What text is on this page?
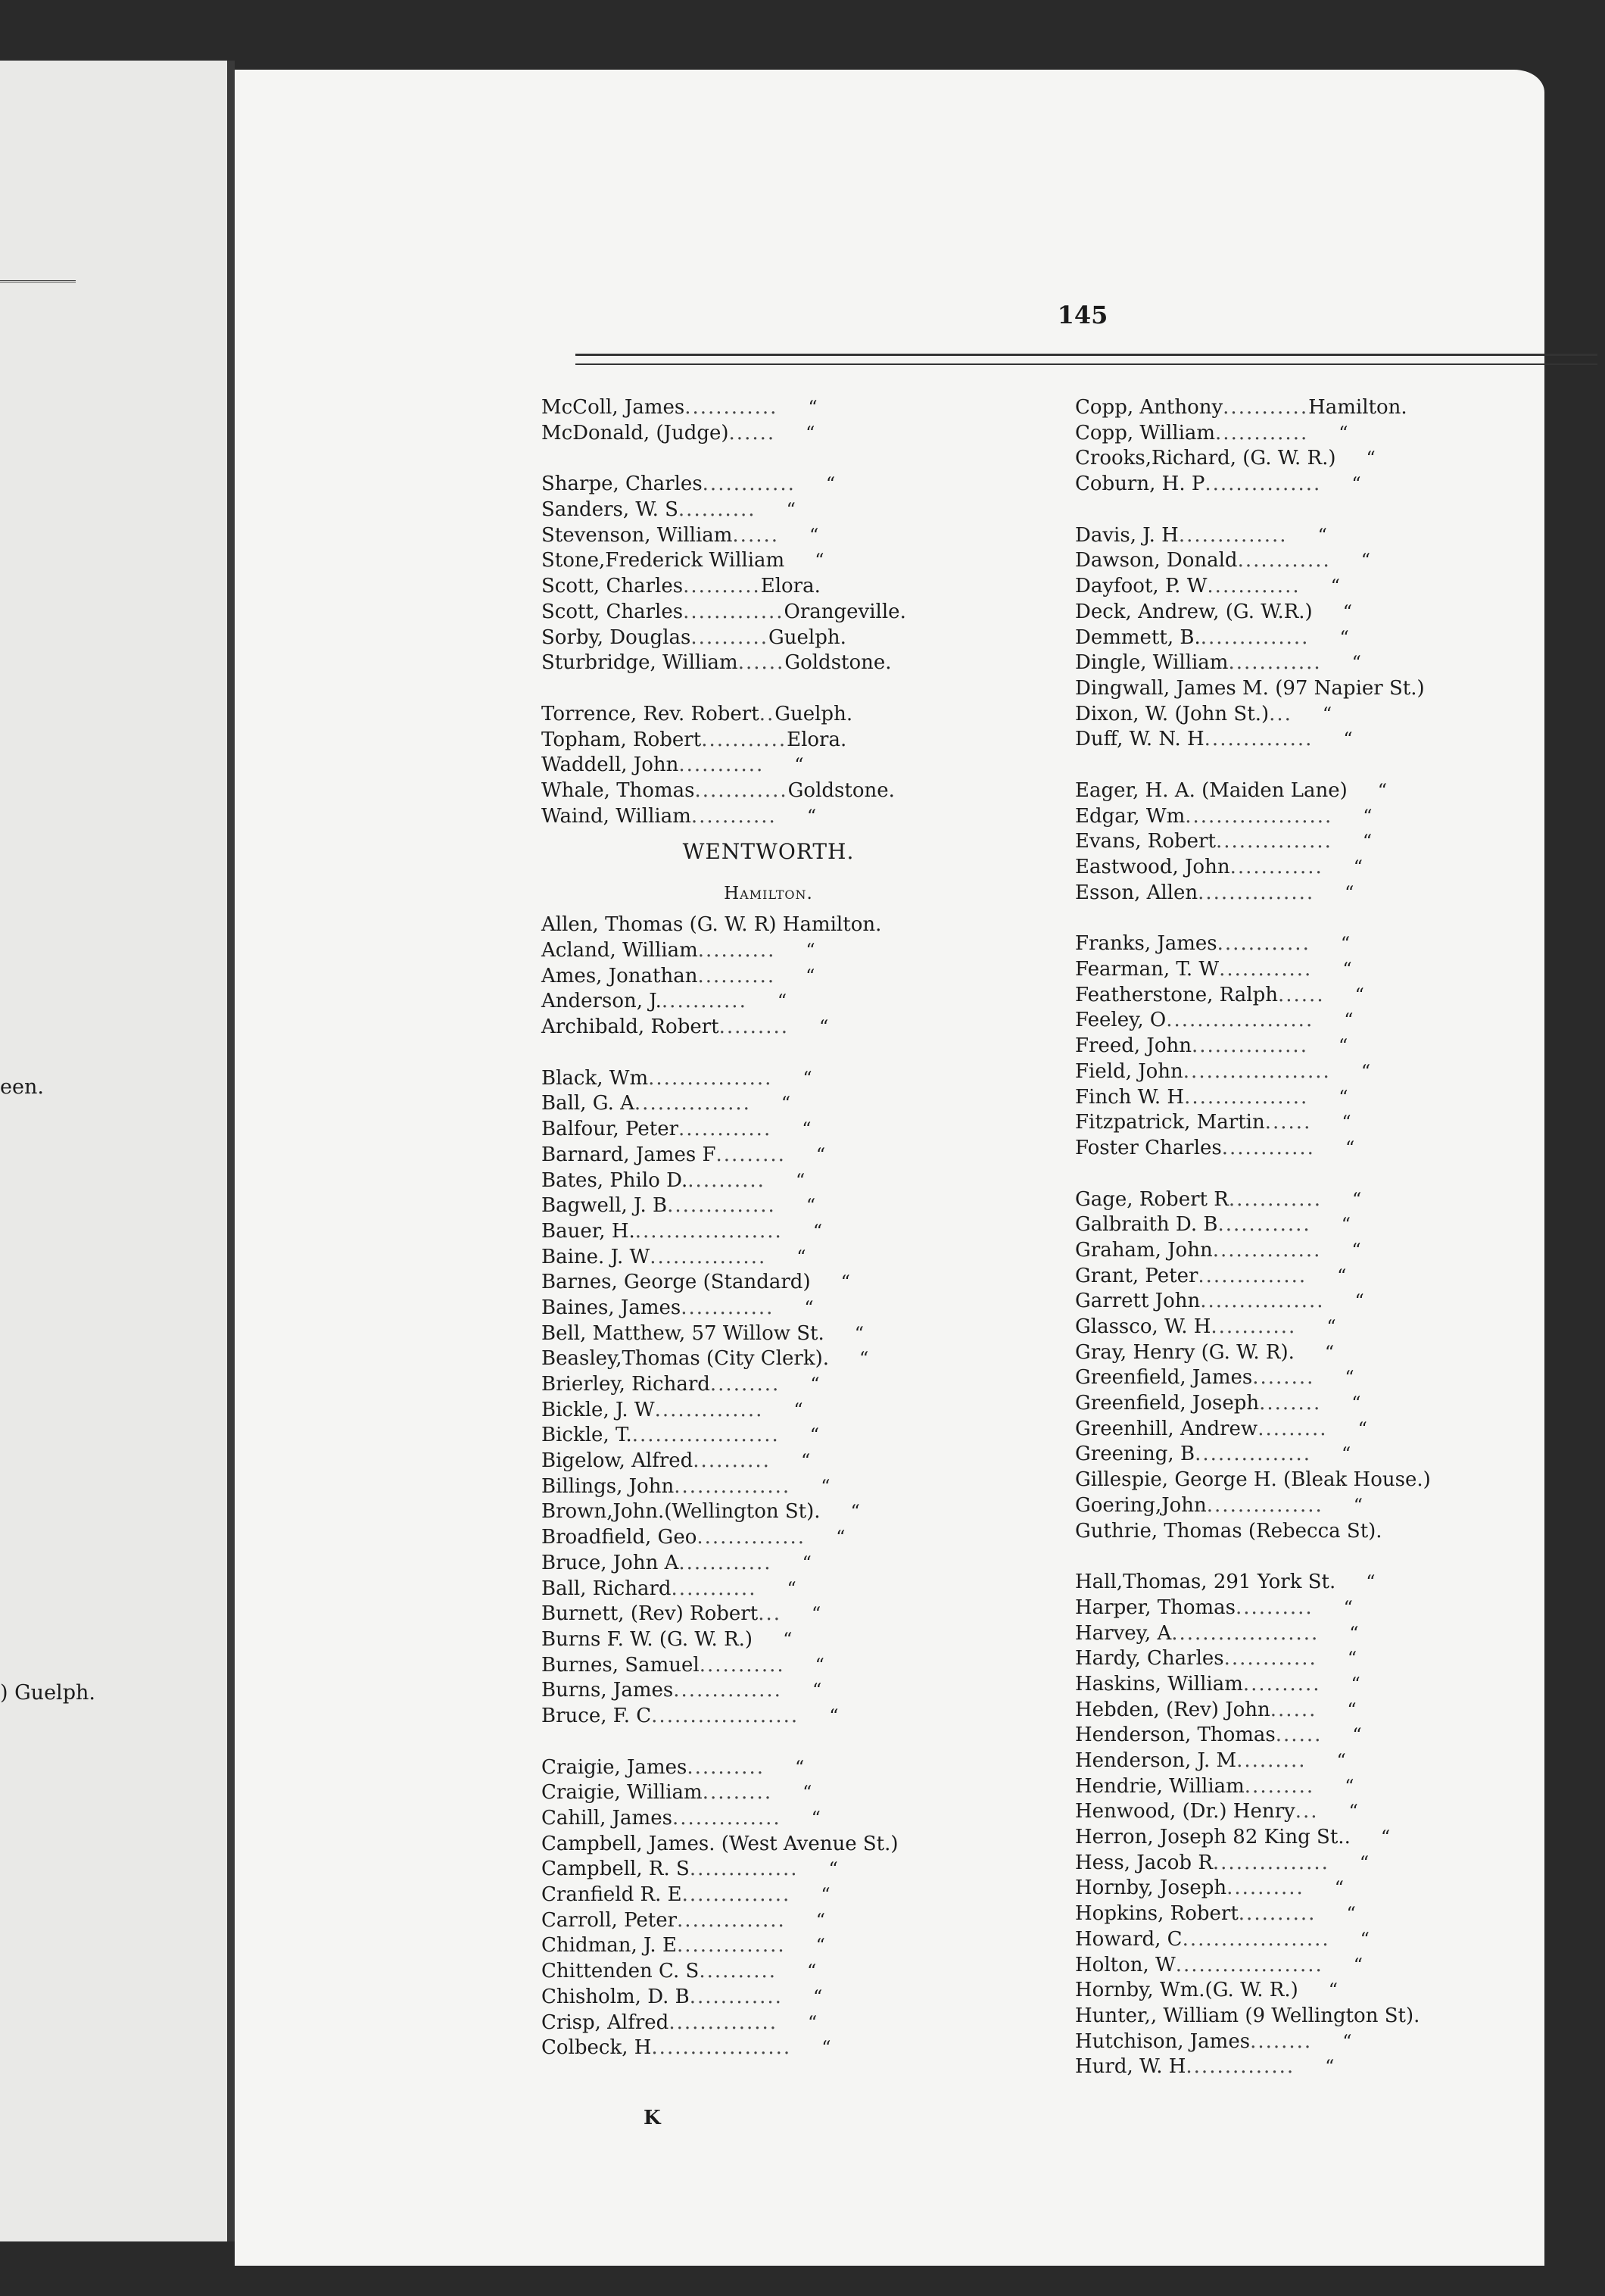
een.
) Guelph.
145
McColl, James ............ “
McDonald, (Judge) ...... “
Sharpe, Charles ............ “
Sanders, W. S .......... “
Stevenson, William ...... “
Stone,Frederick William “
Scott, Charles .......... Elora.
Scott, Charles ............. Orangeville.
Sorby, Douglas .......... Guelph.
Sturbridge, William ...... Goldstone.
Torrence, Rev. Robert .. Guelph.
Topham, Robert ........... Elora.
Waddell, John ........... “
Whale, Thomas ............ Goldstone.
Waind, William ........... “
WENTWORTH.
Hamilton.
Allen, Thomas (G. W. R) Hamilton.
Acland, William .......... “
Ames, Jonathan .......... “
Anderson, J. ........... “
Archibald, Robert ......... “
Black, Wm ................ “
Ball, G. A ............... “
Balfour, Peter ............ “
Barnard, James F ......... “
Bates, Philo D. .......... “
Bagwell, J. B .............. “
Bauer, H. ................... “
Baine. J. W ............... “
Barnes, George (Standard) “
Baines, James ............ “
Bell, Matthew, 57 Willow St. “
Beasley,Thomas (City Clerk). “
Brierley, Richard ......... “
Bickle, J. W .............. “
Bickle, T. ................... “
Bigelow, Alfred .......... “
Billings, John ............... “
Brown,John.(Wellington St). “
Broadfield, Geo .............. “
Bruce, John A ............ “
Ball, Richard ........... “
Burnett, (Rev) Robert ... “
Burns F. W. (G. W. R.) “
Burnes, Samuel ........... “
Burns, James .............. “
Bruce, F. C ................... “
Craigie, James .......... “
Craigie, William ......... “
Cahill, James .............. “
Campbell, James. (West Avenue St.)
Campbell, R. S .............. “
Cranfield R. E .............. “
Carroll, Peter .............. “
Chidman, J. E .............. “
Chittenden C. S .......... “
Chisholm, D. B ............ “
Crisp, Alfred .............. “
Colbeck, H .................. “
Copp, Anthony ........... Hamilton.
Copp, William ............ “
Crooks,Richard, (G. W. R.) “
Coburn, H. P ............... “
Davis, J. H .............. “
Dawson, Donald ............ “
Dayfoot, P. W ............ “
Deck, Andrew, (G. W.R.) “
Demmett, B. .............. “
Dingle, William ............ “
Dingwall, James M. (97 Napier St.)
Dixon, W. (John St.) ... “
Duff, W. N. H .............. “
Eager, H. A. (Maiden Lane) “
Edgar, Wm ................... “
Evans, Robert ............... “
Eastwood, John ............ “
Esson, Allen ............... “
Franks, James ............ “
Fearman, T. W ............ “
Featherstone, Ralph ...... “
Feeley, O ................... “
Freed, John ............... “
Field, John ................... “
Finch W. H ................ “
Fitzpatrick, Martin ...... “
Foster Charles ............ “
Gage, Robert R ............ “
Galbraith D. B ............ “
Graham, John .............. “
Grant, Peter .............. “
Garrett John ................ “
Glassco, W. H ........... “
Gray, Henry (G. W. R). “
Greenfield, James ........ “
Greenfield, Joseph ........ “
Greenhill, Andrew ......... “
Greening, B ............... “
Gillespie, George H. (Bleak House.)
Goering,John ............... “
Guthrie, Thomas (Rebecca St).
Hall,Thomas, 291 York St. “
Harper, Thomas .......... “
Harvey, A ................... “
Hardy, Charles ............ “
Haskins, William .......... “
Hebden, (Rev) John ...... “
Henderson, Thomas ...... “
Henderson, J. M ......... “
Hendrie, William ......... “
Henwood, (Dr.) Henry ... “
Herron, Joseph 82 King St.. “
Hess, Jacob R ............... “
Hornby, Joseph .......... “
Hopkins, Robert .......... “
Howard, C ................... “
Holton, W ................... “
Hornby, Wm.(G. W. R.) “
Hunter,, William (9 Wellington St).
Hutchison, James ........ “
Hurd, W. H .............. “
K
